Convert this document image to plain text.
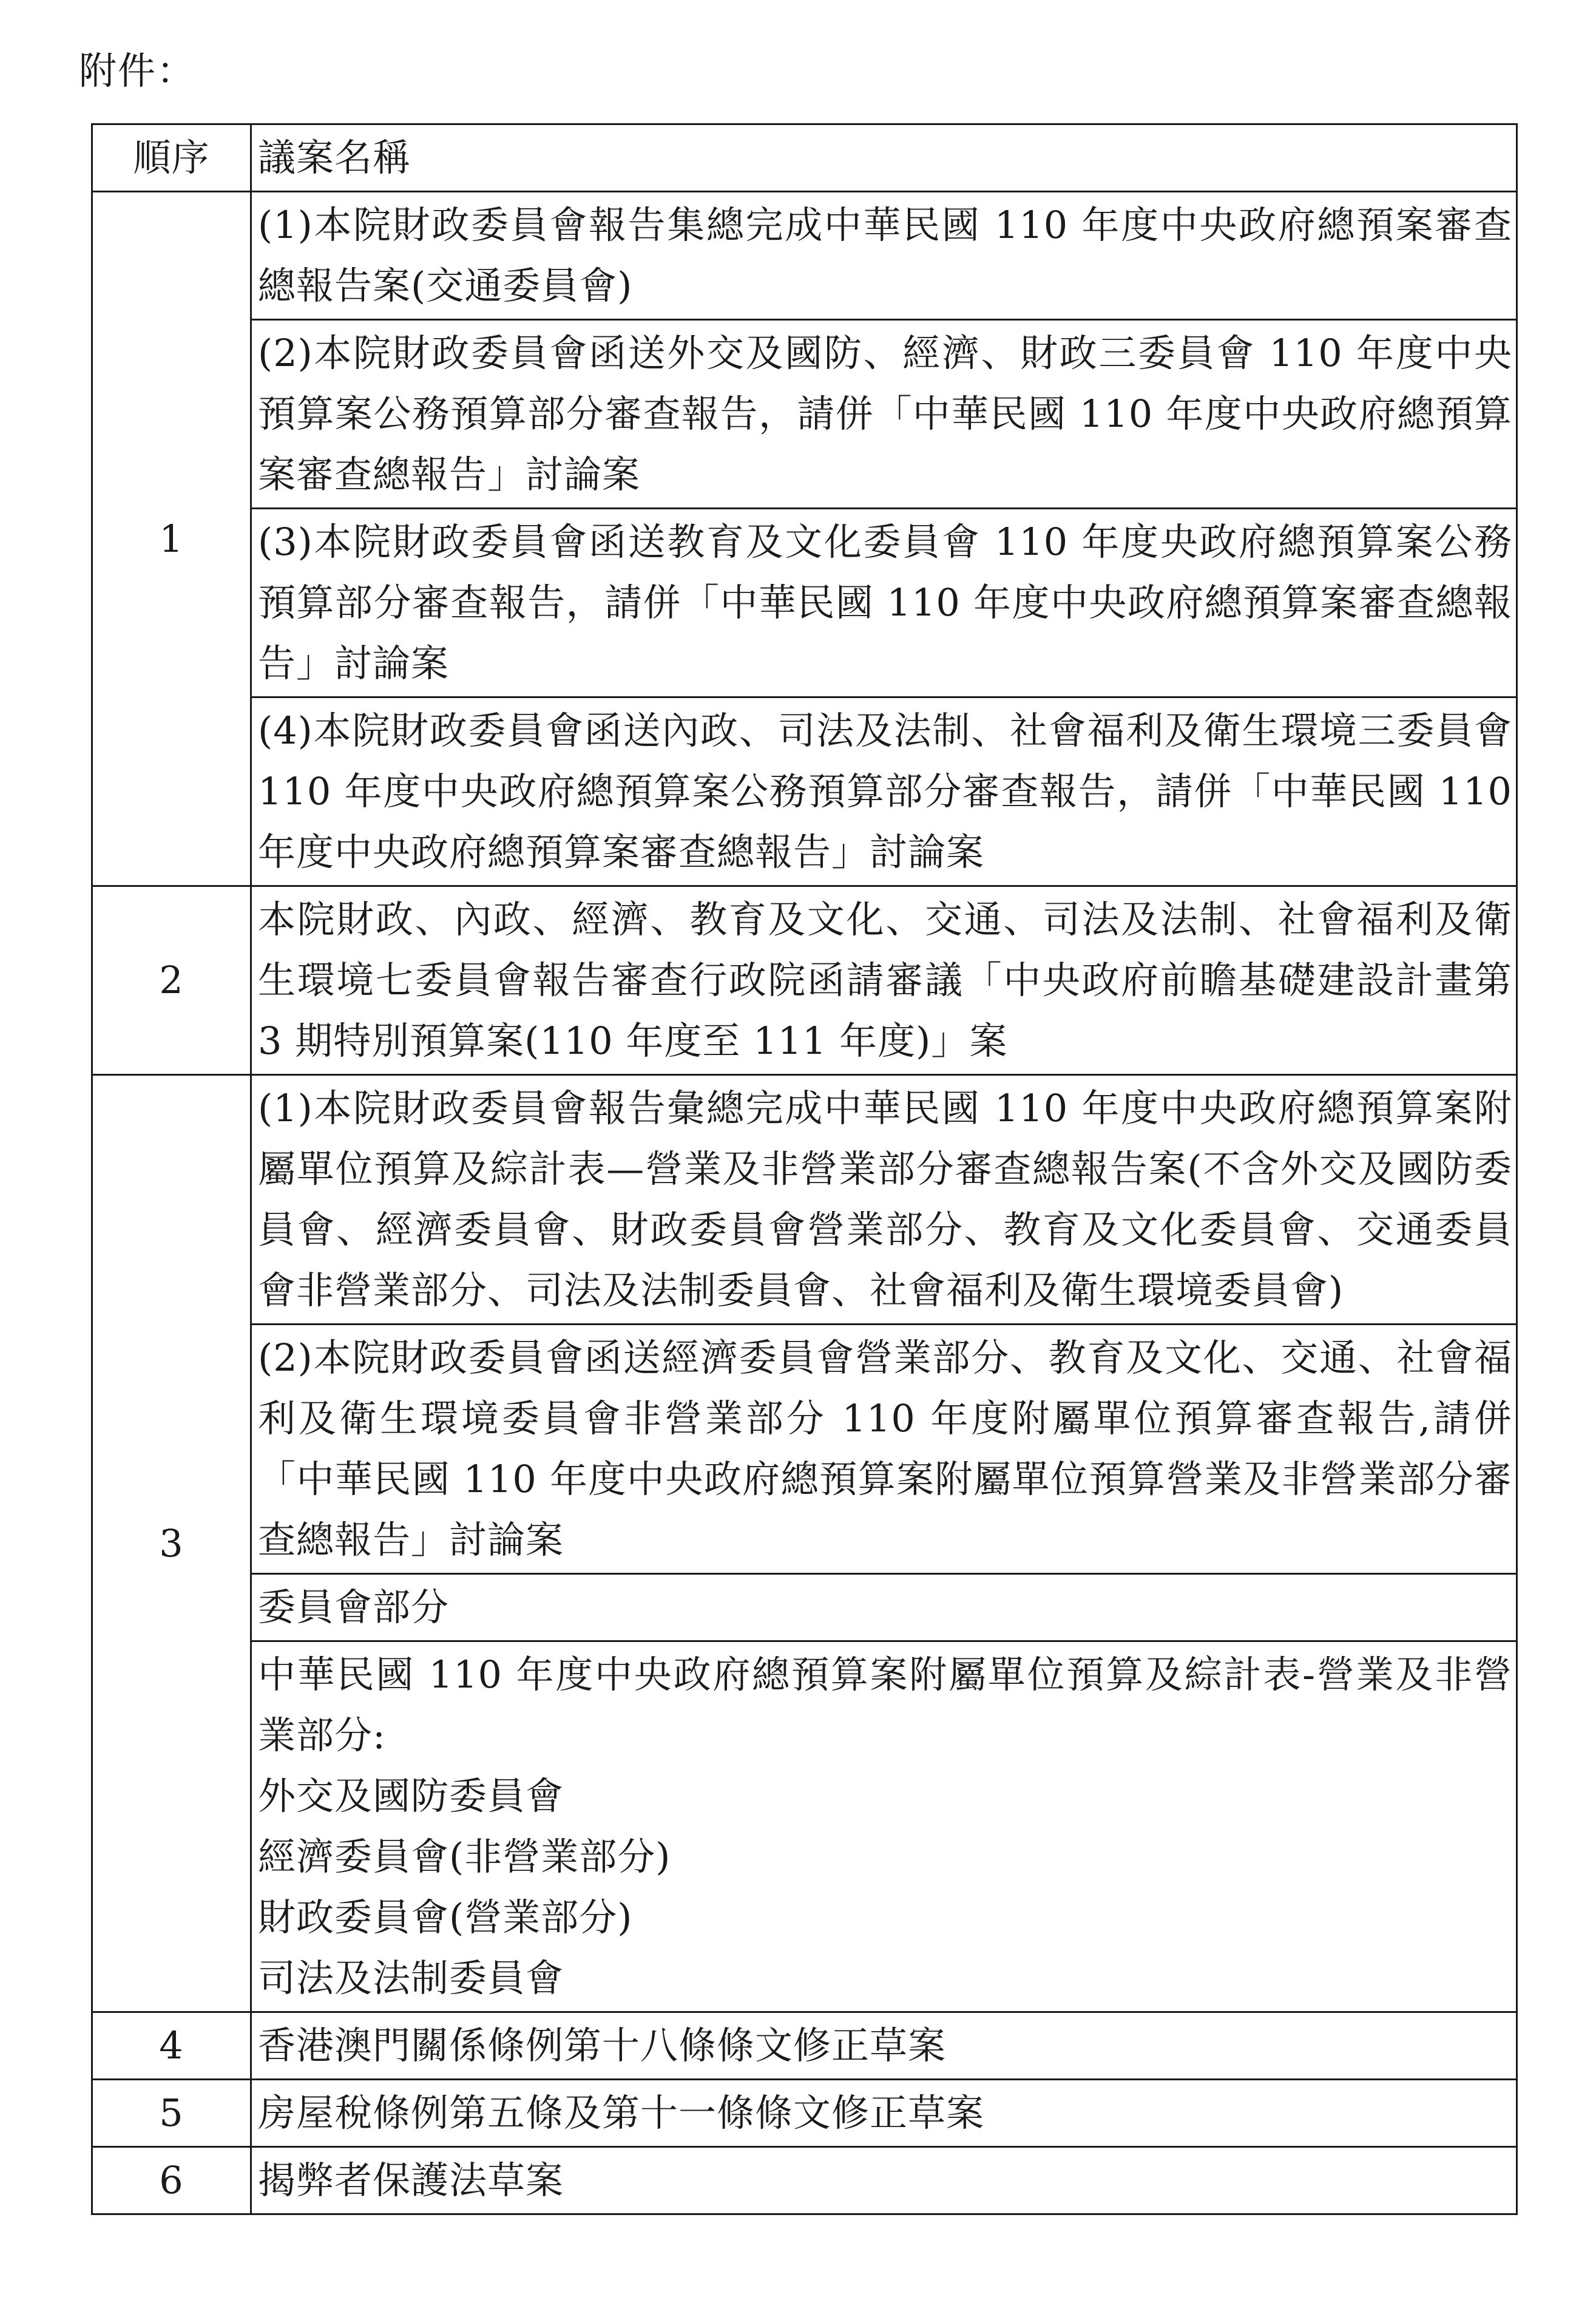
附件：
順序	議案名稱
1	(1)本院財政委員會報告集總完成中華民國 110 年度中央政府總預案審查總報告案(交通委員會)
	(2)本院財政委員會函送外交及國防、經濟、財政三委員會 110 年度中央預算案公務預算部分審查報告，請併「中華民國 110 年度中央政府總預算案審查總報告」討論案
	(3)本院財政委員會函送教育及文化委員會 110 年度央政府總預算案公務預算部分審查報告，請併「中華民國 110 年度中央政府總預算案審查總報告」討論案
	(4)本院財政委員會函送內政、司法及法制、社會福利及衛生環境三委員會 110 年度中央政府總預算案公務預算部分審查報告，請併「中華民國 110 年度中央政府總預算案審查總報告」討論案
2	本院財政、內政、經濟、教育及文化、交通、司法及法制、社會福利及衛生環境七委員會報告審查行政院函請審議「中央政府前瞻基礎建設計畫第 3 期特別預算案(110 年度至 111 年度)」案
3	(1)本院財政委員會報告彙總完成中華民國 110 年度中央政府總預算案附屬單位預算及綜計表—營業及非營業部分審查總報告案(不含外交及國防委員會、經濟委員會、財政委員會營業部分、教育及文化委員會、交通委員會非營業部分、司法及法制委員會、社會福利及衛生環境委員會)
	(2)本院財政委員會函送經濟委員會營業部分、教育及文化、交通、社會福利及衛生環境委員會非營業部分 110 年度附屬單位預算審查報告,請併「中華民國 110 年度中央政府總預算案附屬單位預算營業及非營業部分審查總報告」討論案
	委員會部分

	中華民國 110 年度中央政府總預算案附屬單位預算及綜計表-營業及非營業部分:
外交及國防委員會
經濟委員會(非營業部分)
財政委員會(營業部分)
司法及法制委員會

4	香港澳門關係條例第十八條條文修正草案
5	房屋稅條例第五條及第十一條條文修正草案
6	揭弊者保護法草案
